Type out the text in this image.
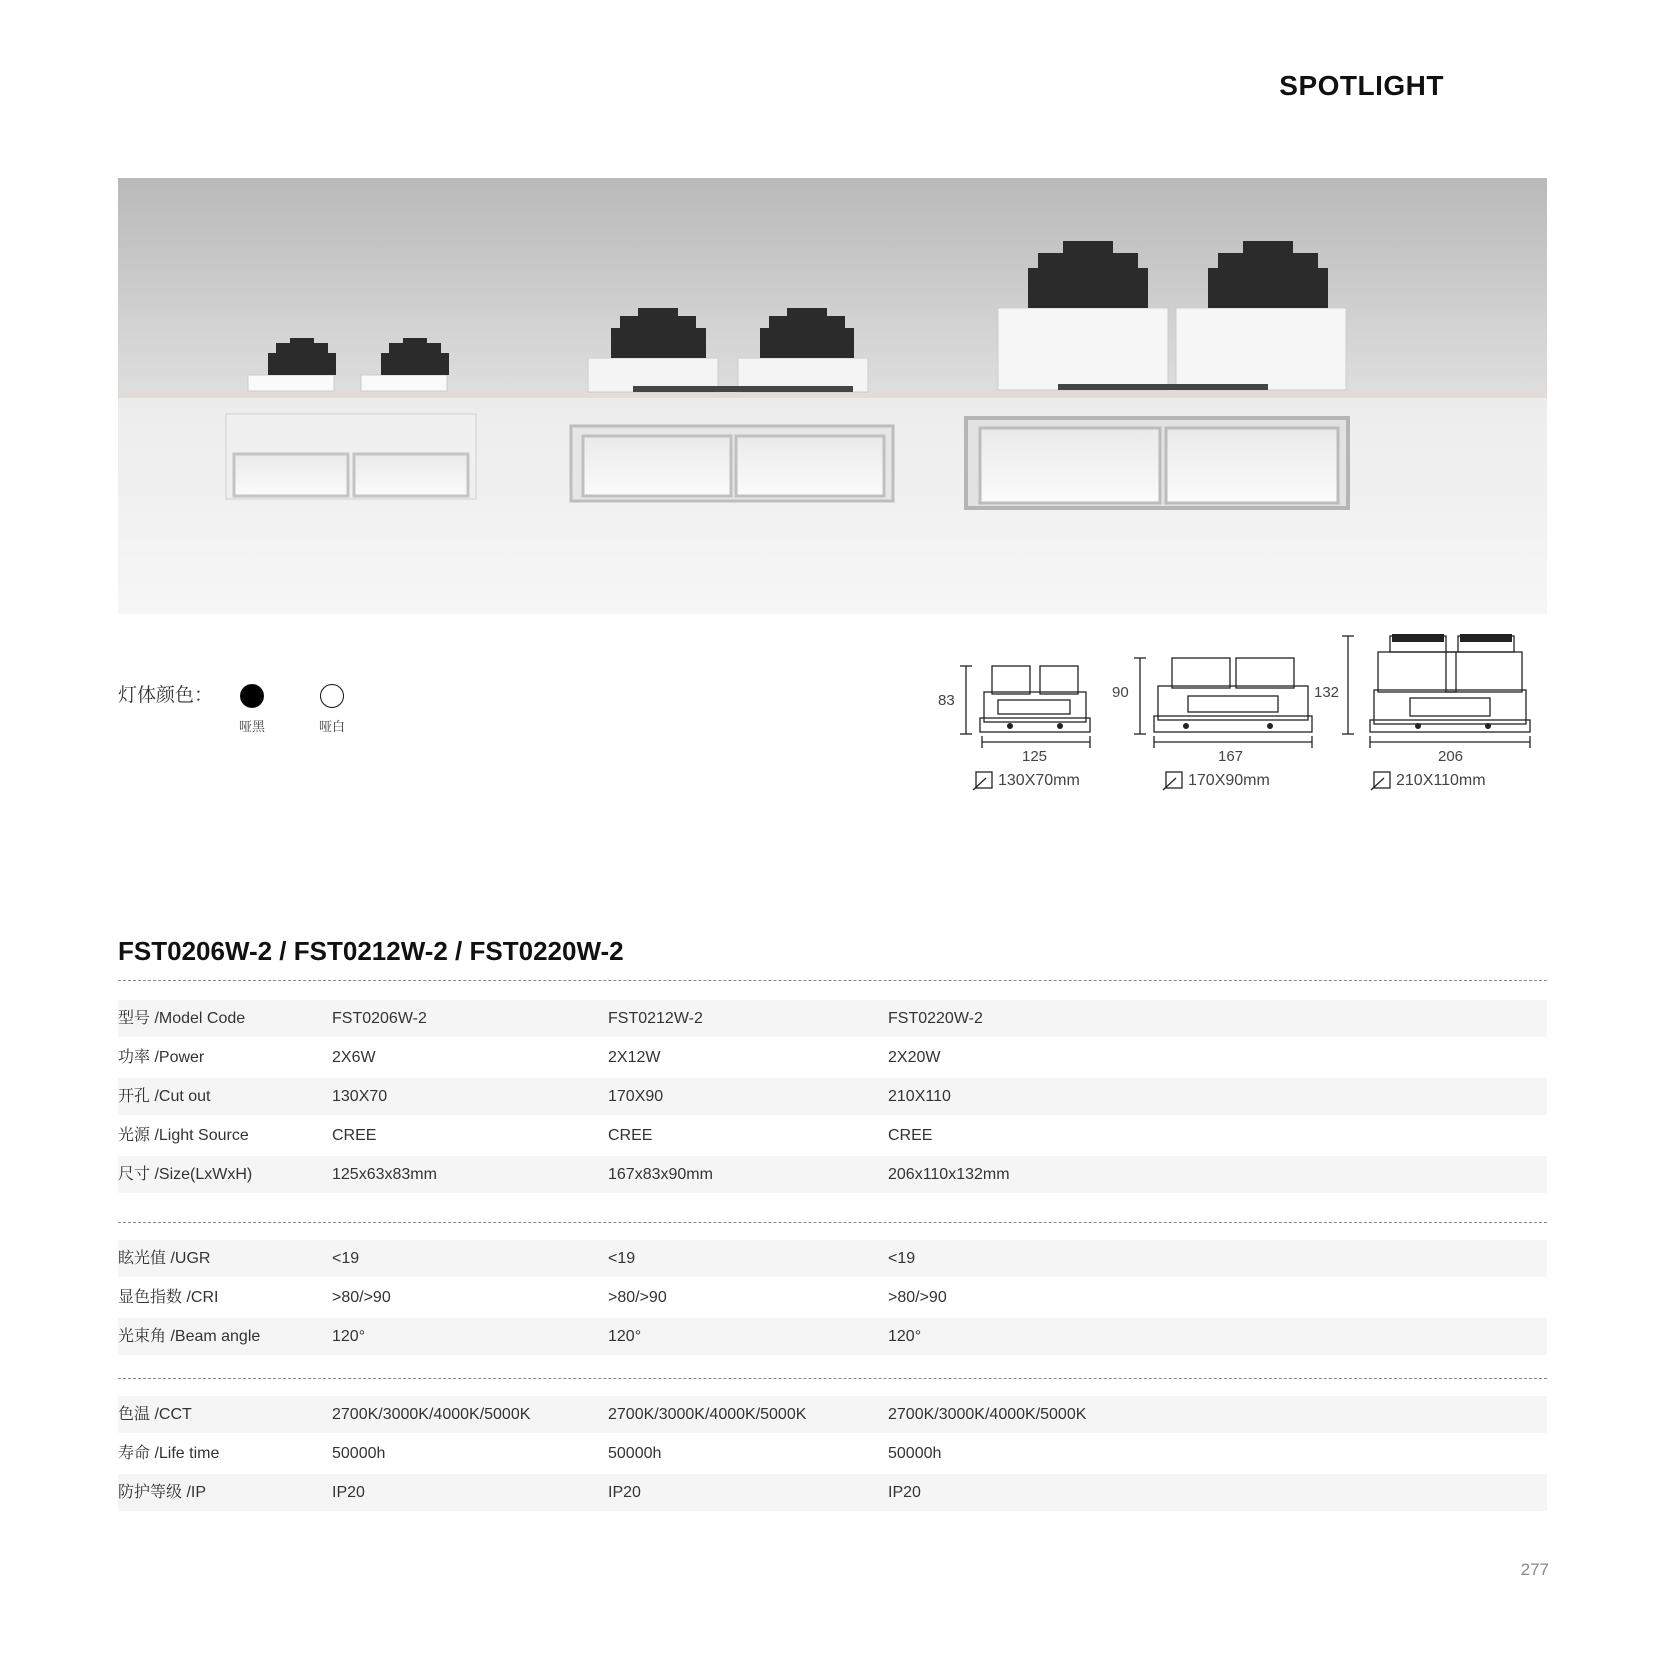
SPOTLIGHT
灯体颜色：
哑黑	哑白
83
125
130X70mm
90
167
170X90mm
132
206
210X110mm
FST0206W-2 / FST0212W-2 / FST0220W-2
型号 /Model Code	FST0206W-2	FST0212W-2	FST0220W-2
功率 /Power	2X6W	2X12W	2X20W
开孔 /Cut out	130X70	170X90	210X110
光源 /Light Source	CREE	CREE	CREE
尺寸 /Size(LxWxH)	125x63x83mm	167x83x90mm	206x110x132mm
眩光值 /UGR	<19	<19	<19
显色指数 /CRI	>80/>90	>80/>90	>80/>90
光束角 /Beam angle	120°	120°	120°
色温 /CCT	2700K/3000K/4000K/5000K	2700K/3000K/4000K/5000K	2700K/3000K/4000K/5000K
寿命 /Life time	50000h	50000h	50000h
防护等级 /IP	IP20	IP20	IP20
277
